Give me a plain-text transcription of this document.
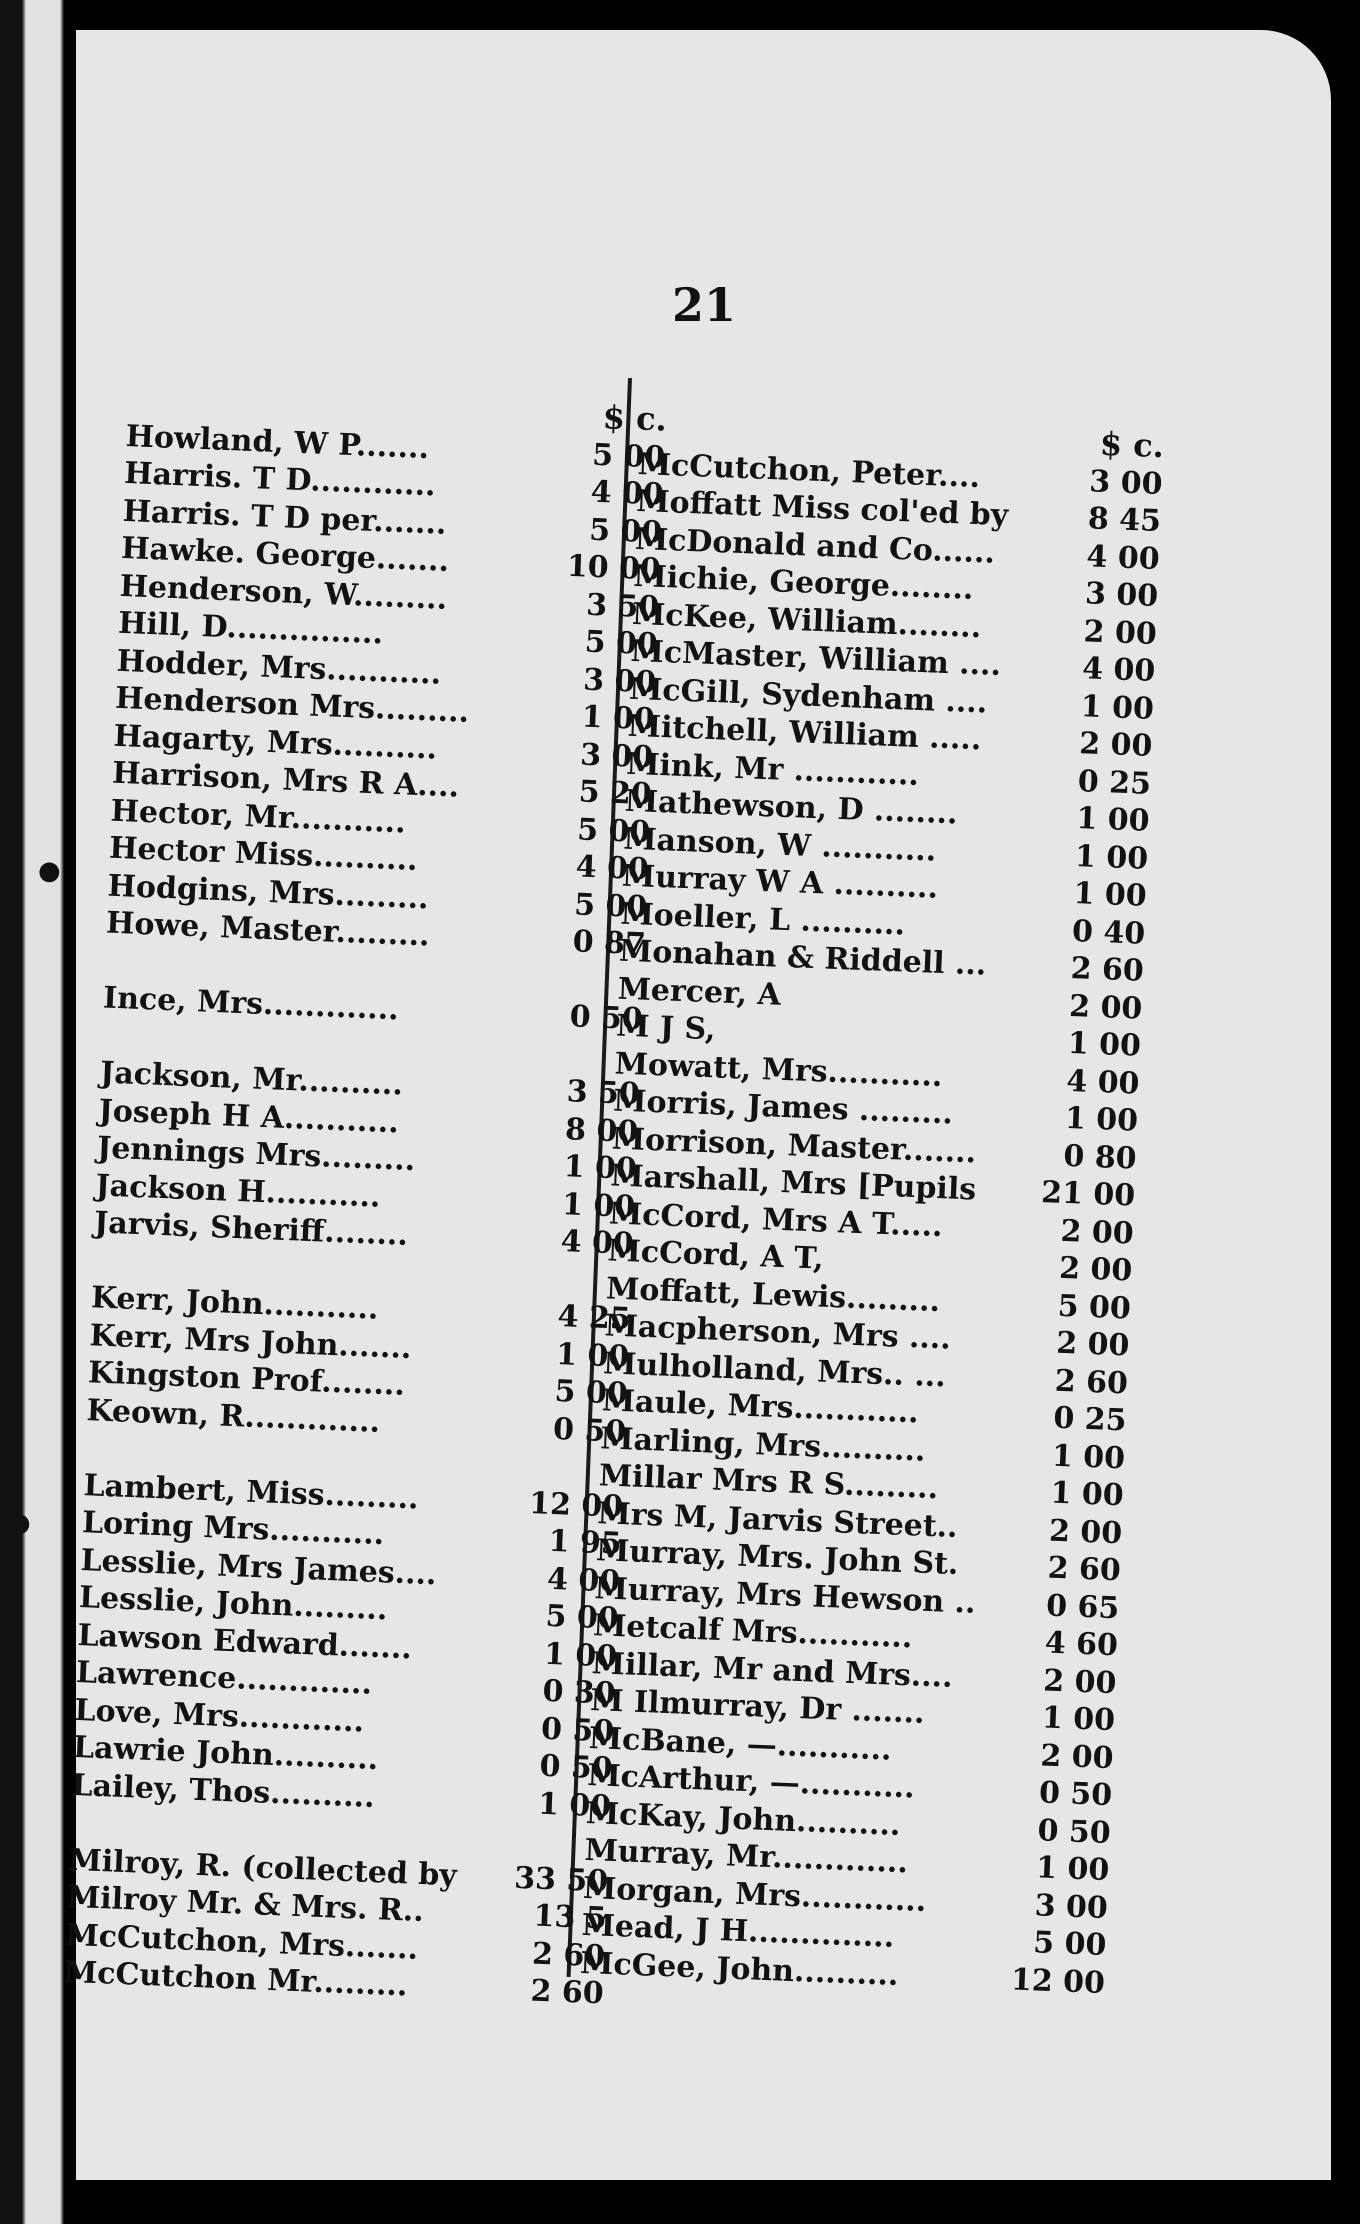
●
●
21
$ c.
Howland, W P.......	5 00
Harris. T D............	4 00
Harris. T D per.......	5 00
Hawke. George.......	10 00
Henderson, W.........	3 50
Hill, D...............	5 00
Hodder, Mrs...........	3 00
Henderson Mrs.........	1 00
Hagarty, Mrs..........	3 00
Harrison, Mrs R A....	5 20
Hector, Mr...........	5 00
Hector Miss..........	4 00
Hodgins, Mrs.........	5 00
Howe, Master.........	0 87
Ince, Mrs.............	0 50
Jackson, Mr..........	3 50
Joseph H A...........	8 00
Jennings Mrs.........	1 00
Jackson H...........	1 00
Jarvis, Sheriff........	4 00
Kerr, John...........	4 25
Kerr, Mrs John.......	1 00
Kingston Prof........	5 00
Keown, R.............	0 50
Lambert, Miss.........	12 00
Loring Mrs...........	1 95
Lesslie, Mrs James....	4 00
Lesslie, John.........	5 00
Lawson Edward.......	1 00
Lawrence.............	0 30
Love, Mrs............	0 50
Lawrie John..........	0 50
Lailey, Thos..........	1 00
Milroy, R. (collected by 33 50
Milroy Mr. & Mrs. R..	13 5
McCutchon, Mrs.......	2 60
McCutchon Mr.........	2 60
$ c.
McCutchon, Peter....	3 00
Moffatt Miss col'ed by	8 45
McDonald and Co......	4 00
Michie, George........	3 00
McKee, William........	2 00
McMaster, William ....	4 00
McGill, Sydenham ....	1 00
Mitchell, William .....	2 00
Mink, Mr ............	0 25
Mathewson, D ........	1 00
Manson, W ...........	1 00
Murray W A ..........	1 00
Moeller, L ..........	0 40
Monahan & Riddell ...	2 60
Mercer, A	2 00
M J S,	1 00
Mowatt, Mrs...........	4 00
Morris, James .........	1 00
Morrison, Master.......	0 80
Marshall, Mrs [Pupils 21 00
McCord, Mrs A T.....	2 00
McCord, A T,	2 00
Moffatt, Lewis.........	5 00
Macpherson, Mrs ....	2 00
Mulholland, Mrs.. ...	2 60
Maule, Mrs............	0 25
Marling, Mrs..........	1 00
Millar Mrs R S.........	1 00
Mrs M, Jarvis Street..	2 00
Murray, Mrs. John St.	2 60
Murray, Mrs Hewson .. 0 65
Metcalf Mrs...........	4 60
Millar, Mr and Mrs....	2 00
M Ilmurray, Dr .......	1 00
McBane, —...........	2 00
McArthur, —...........	0 50
McKay, John..........	0 50
Murray, Mr.............	1 00
Morgan, Mrs............	3 00
Mead, J H..............	5 00
McGee, John..........	12 00
